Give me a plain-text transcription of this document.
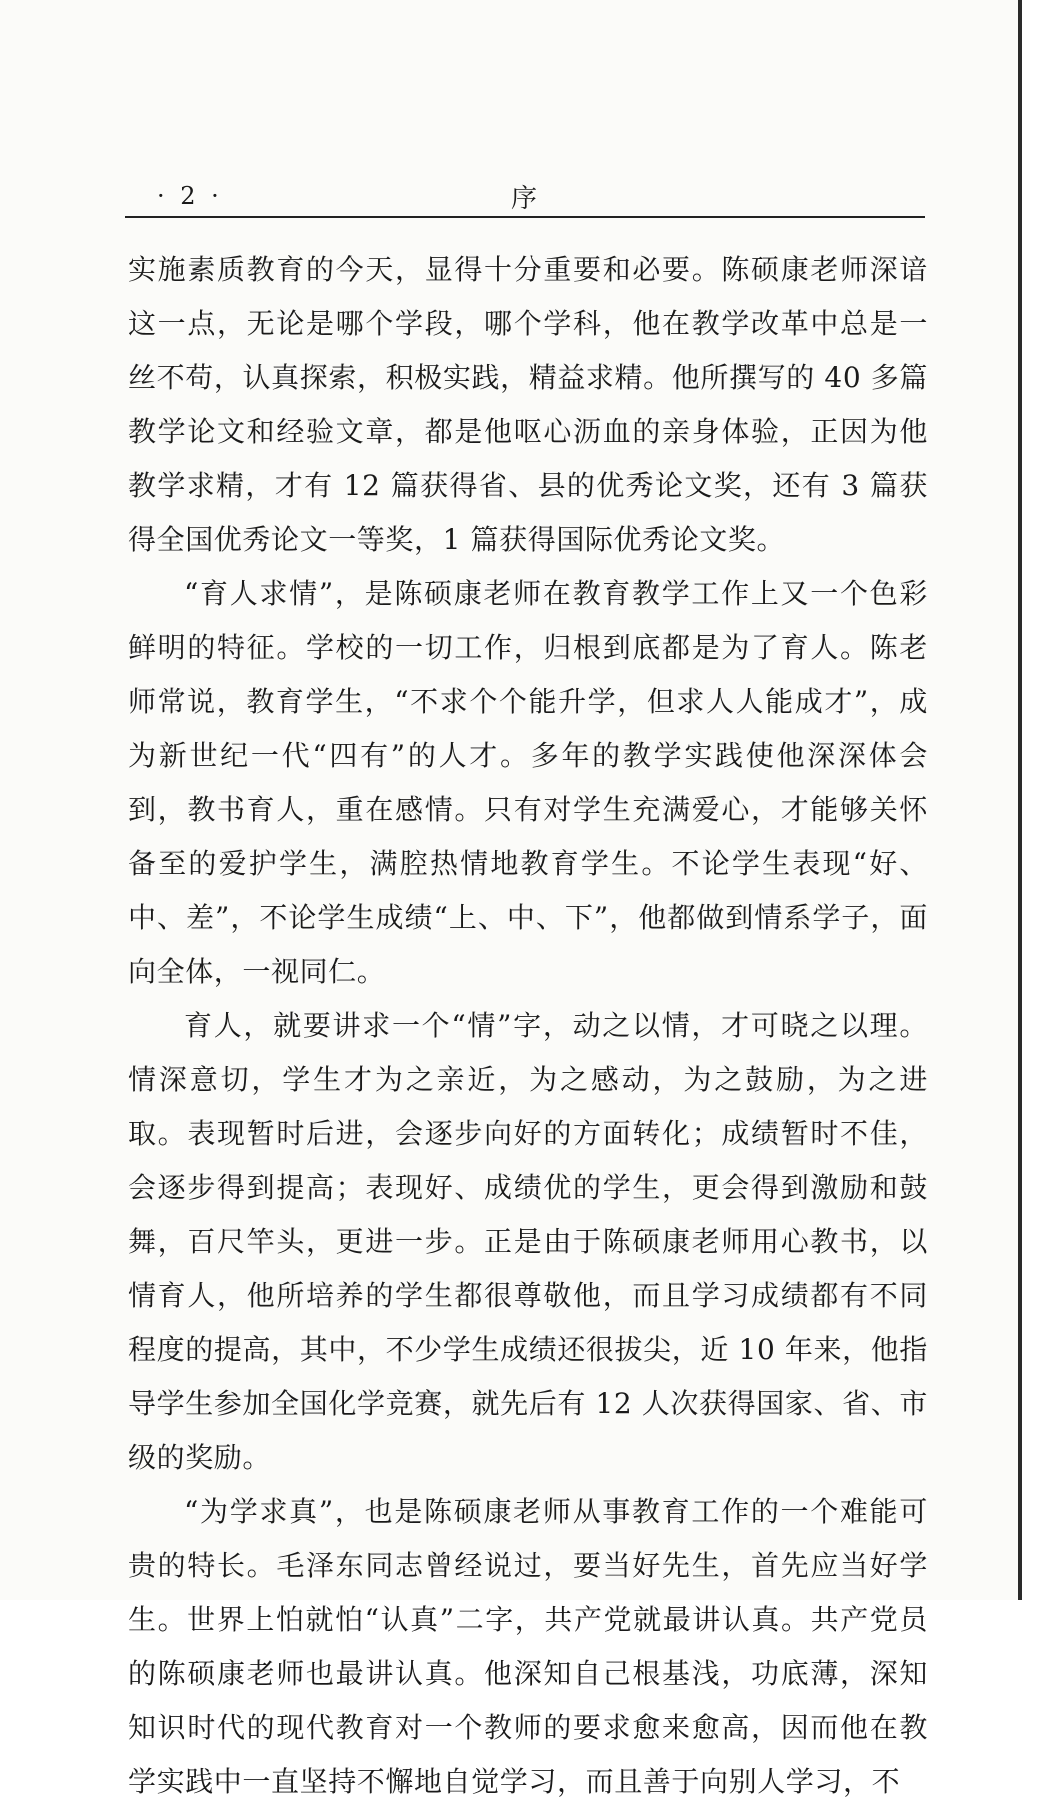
· 2 ·	序

实施素质教育的今天，显得十分重要和必要。陈硕康老师深谙这一点，无论是哪个学段，哪个学科，他在教学改革中总是一丝不苟，认真探索，积极实践，精益求精。他所撰写的 40 多篇教学论文和经验文章，都是他呕心沥血的亲身体验，正因为他教学求精，才有 12 篇获得省、县的优秀论文奖，还有 3 篇获得全国优秀论文一等奖，1 篇获得国际优秀论文奖。

“育人求情”，是陈硕康老师在教育教学工作上又一个色彩鲜明的特征。学校的一切工作，归根到底都是为了育人。陈老师常说，教育学生，“不求个个能升学，但求人人能成才”，成为新世纪一代“四有”的人才。多年的教学实践使他深深体会到，教书育人，重在感情。只有对学生充满爱心，才能够关怀备至的爱护学生，满腔热情地教育学生。不论学生表现“好、中、差”，不论学生成绩“上、中、下”，他都做到情系学子，面向全体，一视同仁。

育人，就要讲求一个“情”字，动之以情，才可晓之以理。情深意切，学生才为之亲近，为之感动，为之鼓励，为之进取。表现暂时后进，会逐步向好的方面转化；成绩暂时不佳，会逐步得到提高；表现好、成绩优的学生，更会得到激励和鼓舞，百尺竿头，更进一步。正是由于陈硕康老师用心教书，以情育人，他所培养的学生都很尊敬他，而且学习成绩都有不同程度的提高，其中，不少学生成绩还很拔尖，近 10 年来，他指导学生参加全国化学竞赛，就先后有 12 人次获得国家、省、市级的奖励。

“为学求真”，也是陈硕康老师从事教育工作的一个难能可贵的特长。毛泽东同志曾经说过，要当好先生，首先应当好学生。世界上怕就怕“认真”二字，共产党就最讲认真。共产党员的陈硕康老师也最讲认真。他深知自己根基浅，功底薄，深知知识时代的现代教育对一个教师的要求愈来愈高，因而他在教学实践中一直坚持不懈地自觉学习，而且善于向别人学习，不
